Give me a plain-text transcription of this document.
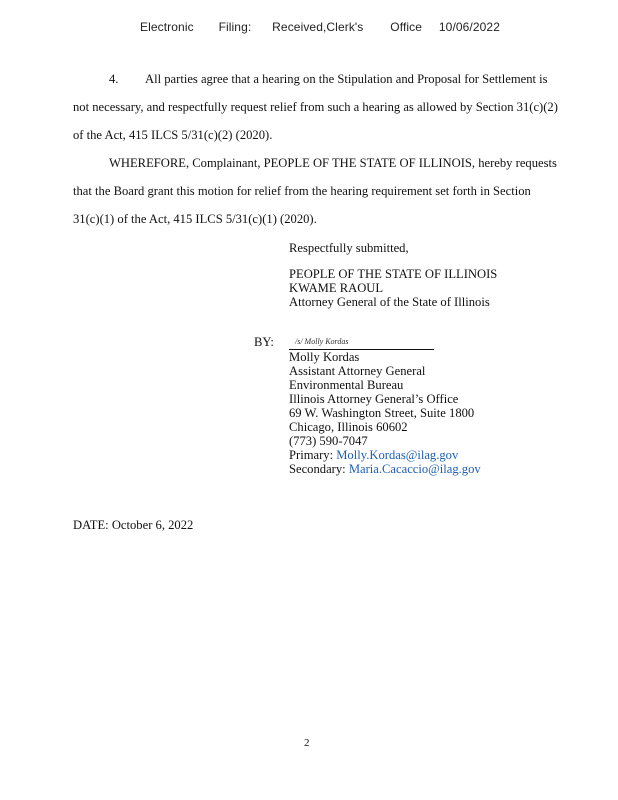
Electronic Filing: Received,Clerk's Office 10/06/2022
4. All parties agree that a hearing on the Stipulation and Proposal for Settlement is
not necessary, and respectfully request relief from such a hearing as allowed by Section 31(c)(2)
of the Act, 415 ILCS 5/31(c)(2) (2020).
WHEREFORE, Complainant, PEOPLE OF THE STATE OF ILLINOIS, hereby requests
that the Board grant this motion for relief from the hearing requirement set forth in Section
31(c)(1) of the Act, 415 ILCS 5/31(c)(1) (2020).
Respectfully submitted,
PEOPLE OF THE STATE OF ILLINOIS
KWAME RAOUL
Attorney General of the State of Illinois
BY:	/s/ Molly Kordas
Molly Kordas
Assistant Attorney General
Environmental Bureau
Illinois Attorney General’s Office
69 W. Washington Street, Suite 1800
Chicago, Illinois 60602
(773) 590-7047
Primary: Molly.Kordas@ilag.gov
Secondary: Maria.Cacaccio@ilag.gov
DATE: October 6, 2022
2
